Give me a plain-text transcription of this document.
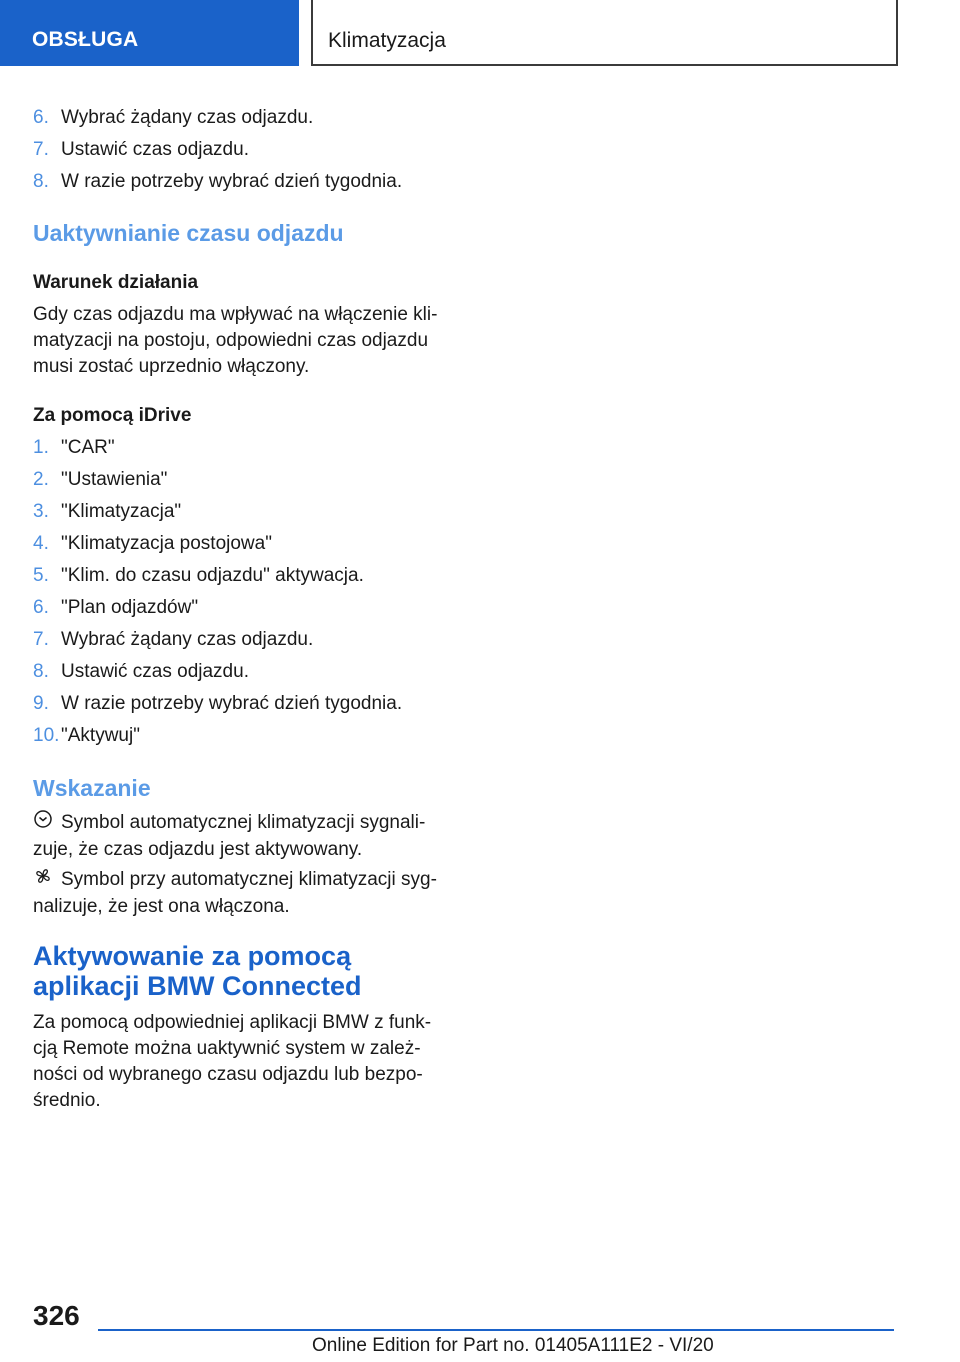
OBSŁUGA	Klimatyzacja
6. Wybrać żądany czas odjazdu.
7. Ustawić czas odjazdu.
8. W razie potrzeby wybrać dzień tygodnia.
Uaktywnianie czasu odjazdu
Warunek działania
Gdy czas odjazdu ma wpływać na włączenie kli‐
matyzacji na postoju, odpowiedni czas odjazdu
musi zostać uprzednio włączony.
Za pomocą iDrive
1. "CAR"
2. "Ustawienia"
3. "Klimatyzacja"
4. "Klimatyzacja postojowa"
5. "Klim. do czasu odjazdu" aktywacja.
6. "Plan odjazdów"
7. Wybrać żądany czas odjazdu.
8. Ustawić czas odjazdu.
9. W razie potrzeby wybrać dzień tygodnia.
10. "Aktywuj"
Wskazanie
Symbol automatycznej klimatyzacji sygnali‐
zuje, że czas odjazdu jest aktywowany.
Symbol przy automatycznej klimatyzacji syg‐
nalizuje, że jest ona włączona.
Aktywowanie za pomocą
aplikacji BMW Connected
Za pomocą odpowiedniej aplikacji BMW z funk‐
cją Remote można uaktywnić system w zależ‐
ności od wybranego czasu odjazdu lub bezpo‐
średnio.
326
Online Edition for Part no. 01405A111E2 - VI/20
